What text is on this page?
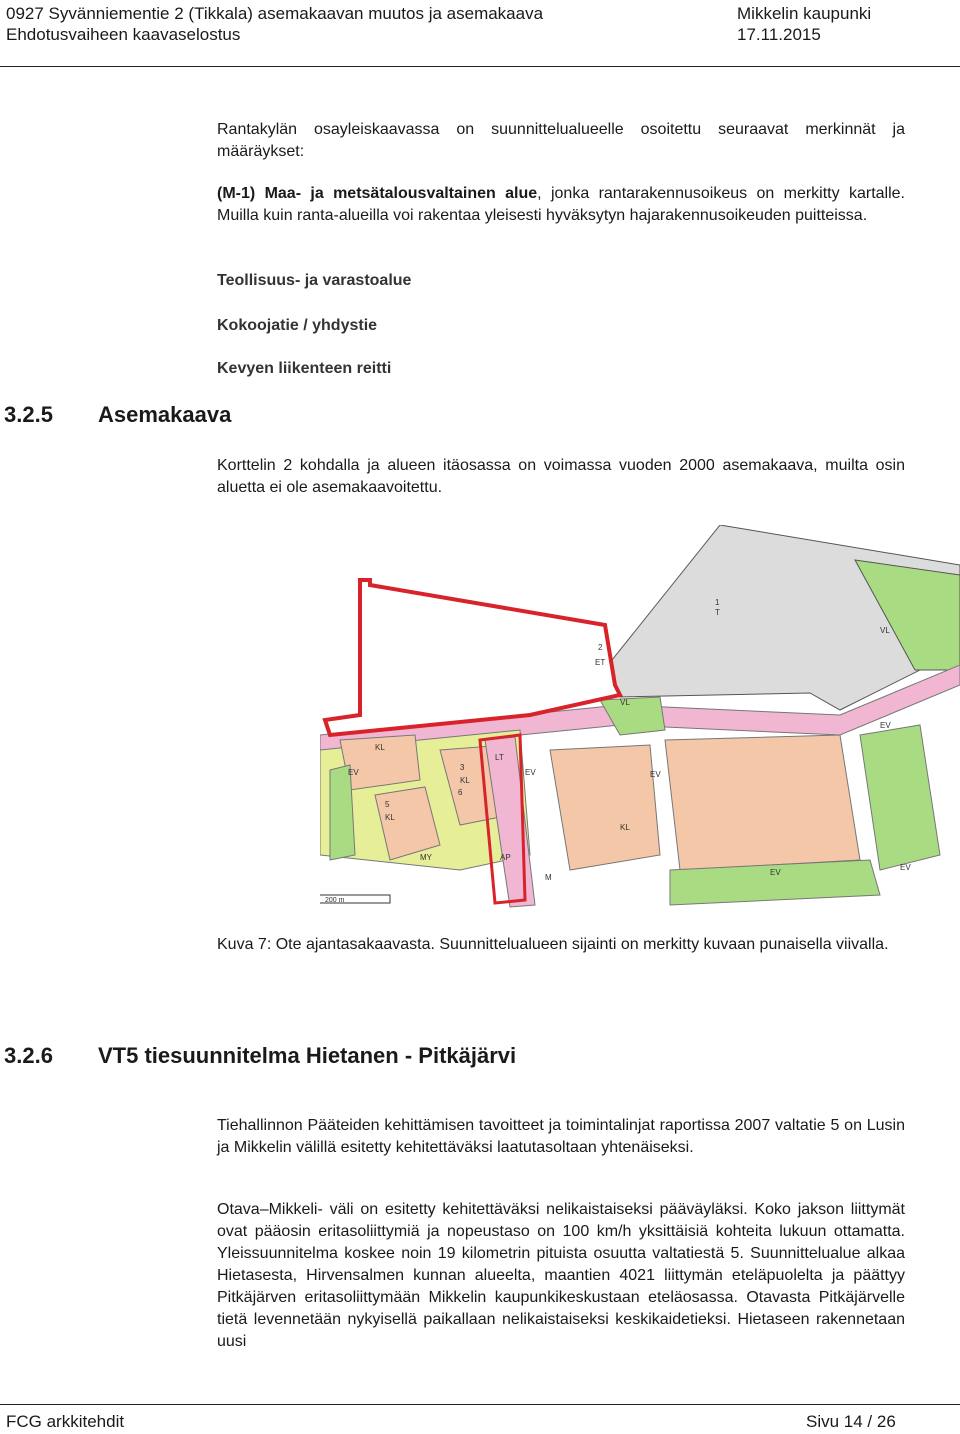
0927 Syvänniementie 2 (Tikkala) asemakaavan muutos ja asemakaava
Ehdotusvaiheen kaavaselostus
Mikkelin kaupunki
17.11.2015
Rantakylän osayleiskaavassa on suunnittelualueelle osoitettu seuraavat merkinnät ja määräykset:
(M-1) Maa- ja metsätalousvaltainen alue, jonka rantarakennusoikeus on merkitty kartalle. Muilla kuin ranta-alueilla voi rakentaa yleisesti hyväksytyn hajarakennusoikeuden puitteissa.
Teollisuus- ja varastoalue
Kokoojatie / yhdystie
Kevyen liikenteen reitti
3.2.5 Asemakaava
Korttelin 2 kohdalla ja alueen itäosassa on voimassa vuoden 2000 asemakaava, muilta osin aluetta ei ole asemakaavoitettu.
VL
VL
EV
EV	EV	EV
EV
EV
ET
KL
KL
KL
KL
LT
MY
M
AP
T
2
3
5
6
1
200 m
Kuva 7: Ote ajantasakaavasta. Suunnittelualueen sijainti on merkitty kuvaan punaisella viivalla.
3.2.6 VT5 tiesuunnitelma Hietanen - Pitkäjärvi
Tiehallinnon Pääteiden kehittämisen tavoitteet ja toimintalinjat raportissa 2007 valtatie 5 on Lusin ja Mikkelin välillä esitetty kehitettäväksi laatutasoltaan yhtenäiseksi.
Otava–Mikkeli- väli on esitetty kehitettäväksi nelikaistaiseksi pääväyläksi. Koko jakson liittymät ovat pääosin eritasoliittymiä ja nopeustaso on 100 km/h yksittäisiä kohteita lukuun ottamatta. Yleissuunnitelma koskee noin 19 kilometrin pituista osuutta valtatiestä 5. Suunnittelualue alkaa Hietasesta, Hirvensalmen kunnan alueelta, maantien 4021 liittymän eteläpuolelta ja päättyy Pitkäjärven eritasoliittymään Mikkelin kaupunkikeskustaan eteläosassa. Otavasta Pitkäjärvelle tietä levennetään nykyisellä paikallaan nelikaistaiseksi keskikaidetieksi. Hietaseen rakennetaan uusi
FCG arkkitehdit	Sivu 14 / 26
